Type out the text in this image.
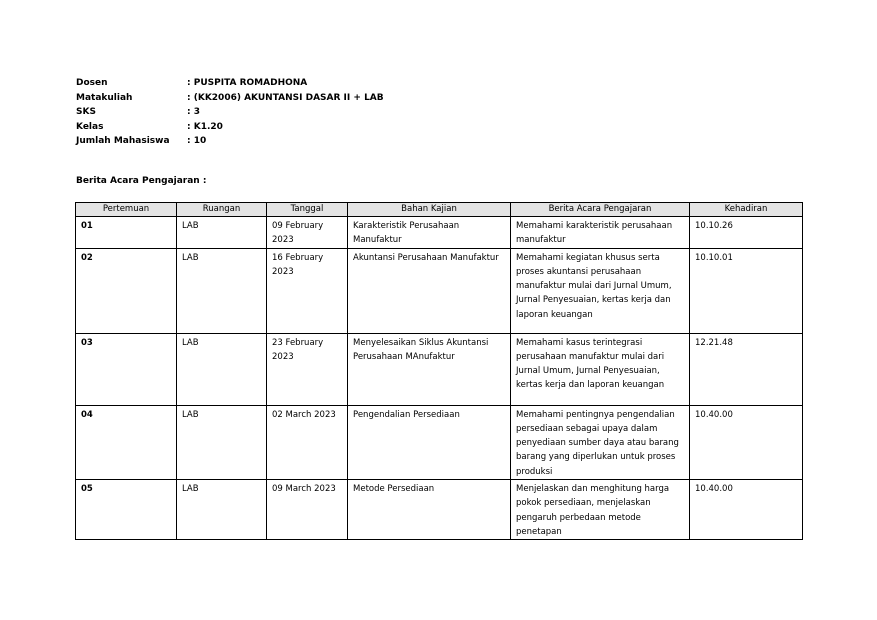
Dosen	: PUSPITA ROMADHONA
Matakuliah	: (KK2006) AKUNTANSI DASAR II + LAB
SKS	: 3
Kelas	: K1.20
Jumlah Mahasiswa	: 10
Berita Acara Pengajaran :
Pertemuan	Ruangan	Tanggal	Bahan Kajian	Berita Acara Pengajaran	Kehadiran
01	LAB	09 February 2023	Karakteristik Perusahaan Manufaktur	Memahami karakteristik perusahaan manufaktur	10.10.26
02	LAB	16 February 2023	Akuntansi Perusahaan Manufaktur	Memahami kegiatan khusus serta proses akuntansi perusahaan manufaktur mulai dari Jurnal Umum, Jurnal Penyesuaian, kertas kerja dan laporan keuangan	10.10.01
03	LAB	23 February 2023	Menyelesaikan Siklus Akuntansi Perusahaan MAnufaktur	Memahami kasus terintegrasi perusahaan manufaktur mulai dari Jurnal Umum, Jurnal Penyesuaian, kertas kerja dan laporan keuangan	12.21.48
04	LAB	02 March 2023	Pengendalian Persediaan	Memahami pentingnya pengendalian persediaan sebagai upaya dalam penyediaan sumber daya atau barang barang yang diperlukan untuk proses produksi	10.40.00
05	LAB	09 March 2023	Metode Persediaan	Menjelaskan dan menghitung harga pokok persediaan, menjelaskan pengaruh perbedaan metode penetapan	10.40.00
